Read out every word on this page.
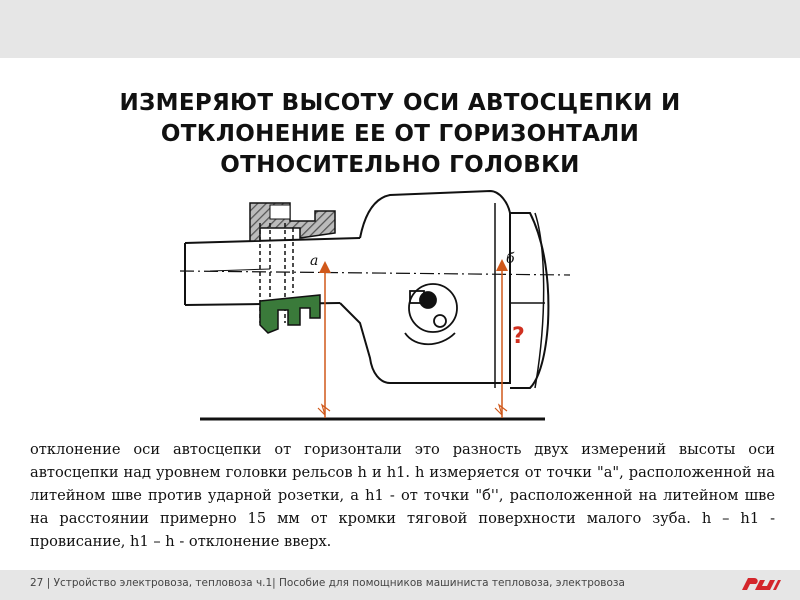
ИЗМЕРЯЮТ ВЫСОТУ ОСИ АВТОСЦЕПКИ И
ОТКЛОНЕНИЕ ЕЕ ОТ ГОРИЗОНТАЛИ
ОТНОСИТЕЛЬНО ГОЛОВКИ
а	б
?
отклонение оси автосцепки от горизонтали это разность двух измерений высоты оси автосцепки над уровнем головки рельсов h и h1. h измеряется от точки "а", расположенной на литейном шве против ударной розетки, а h1 - от точки "б'', расположенной на литейном шве на расстоянии примерно 15 мм от кромки тяговой поверхности малого зуба. h – h1 - провисание, h1 – h - отклонение вверх.
27 | Устройство электровоза, тепловоза ч.1| Пособие для помощников машиниста тепловоза, электровоза
